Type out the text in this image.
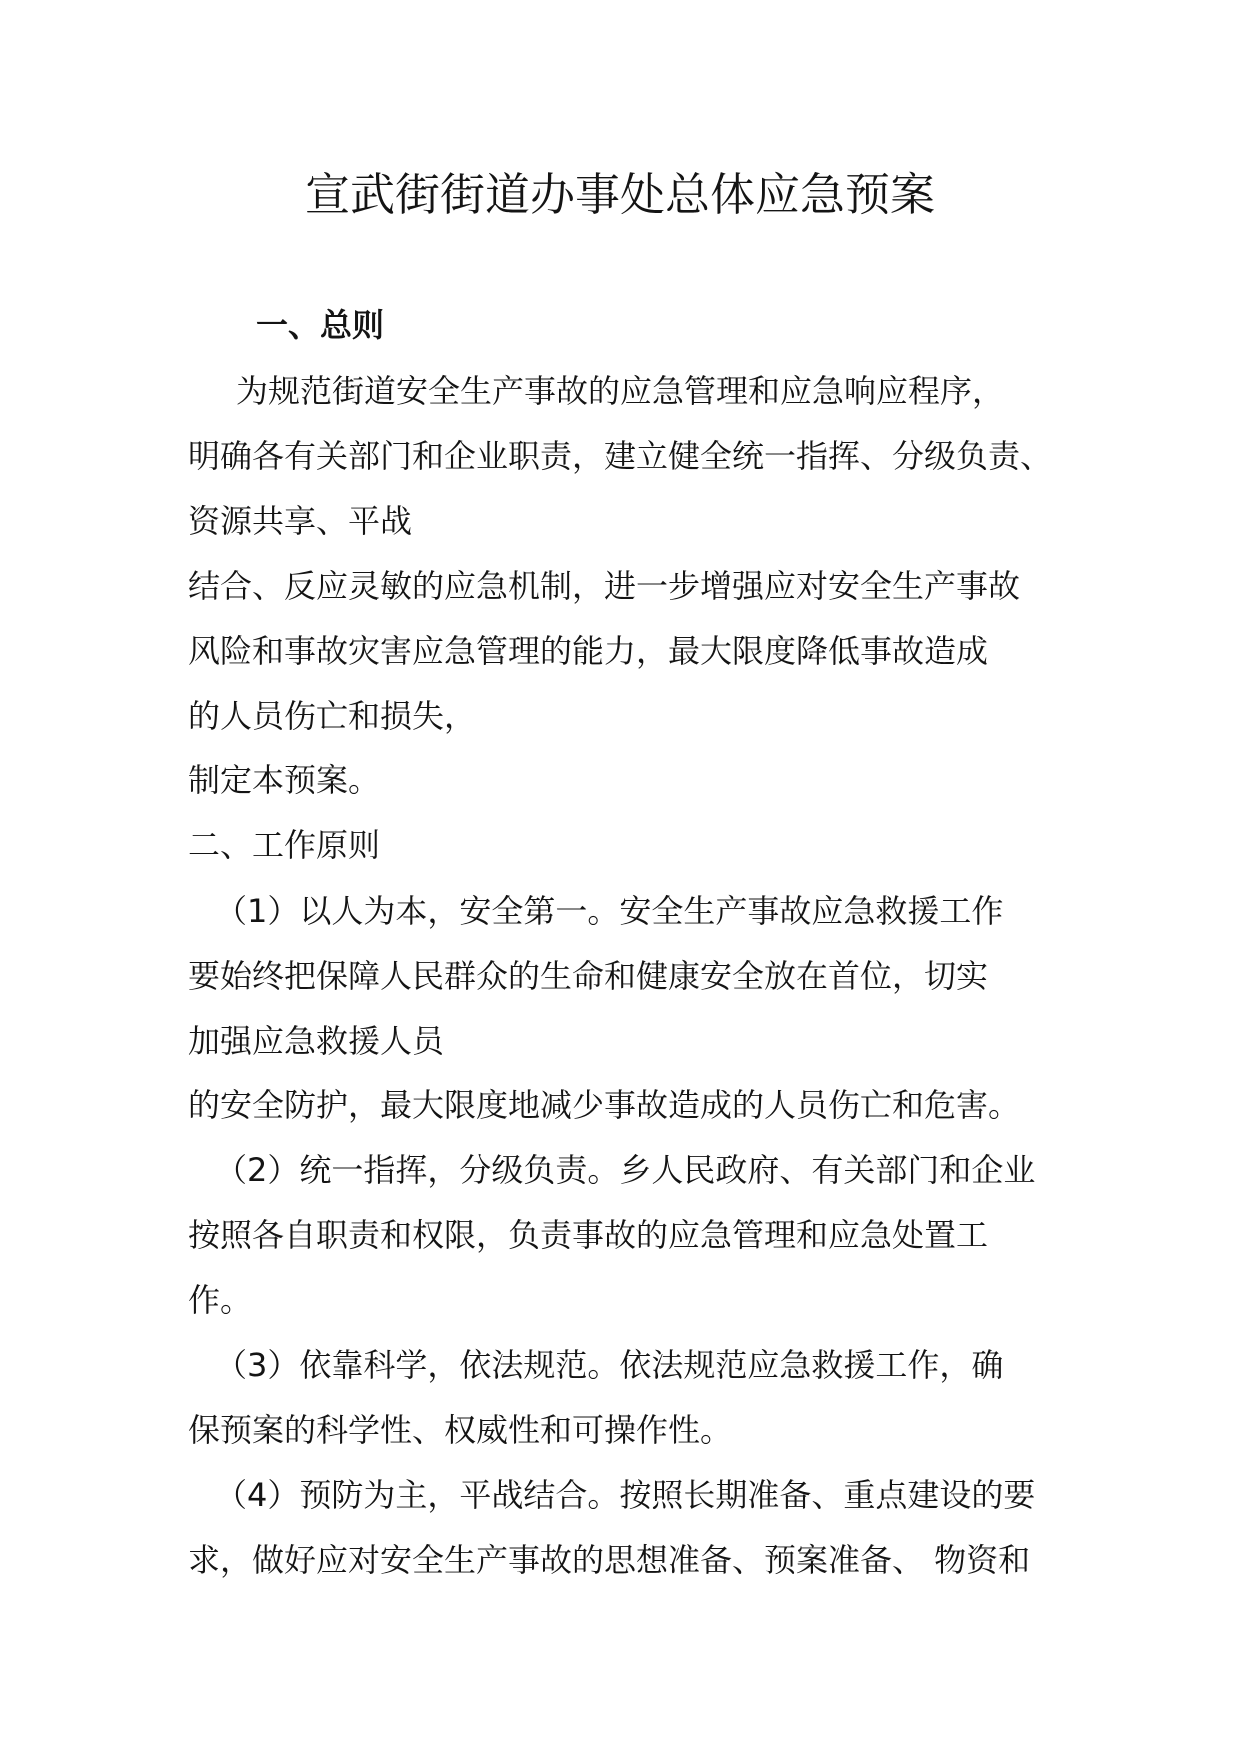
宣武街街道办事处总体应急预案

一、总则

为规范街道安全生产事故的应急管理和应急响应程序，

明确各有关部门和企业职责，建立健全统一指挥、分级负责、

资源共享、平战

结合、反应灵敏的应急机制，进一步增强应对安全生产事故

风险和事故灾害应急管理的能力，最大限度降低事故造成

的人员伤亡和损失，

制定本预案。

二、工作原则

（1）以人为本，安全第一。安全生产事故应急救援工作

要始终把保障人民群众的生命和健康安全放在首位，切实

加强应急救援人员

的安全防护，最大限度地减少事故造成的人员伤亡和危害。

（2）统一指挥，分级负责。乡人民政府、有关部门和企业

按照各自职责和权限，负责事故的应急管理和应急处置工

作。

（3）依靠科学，依法规范。依法规范应急救援工作，确

保预案的科学性、权威性和可操作性。

（4）预防为主，平战结合。按照长期准备、重点建设的要

求，做好应对安全生产事故的思想准备、预案准备、 物资和
